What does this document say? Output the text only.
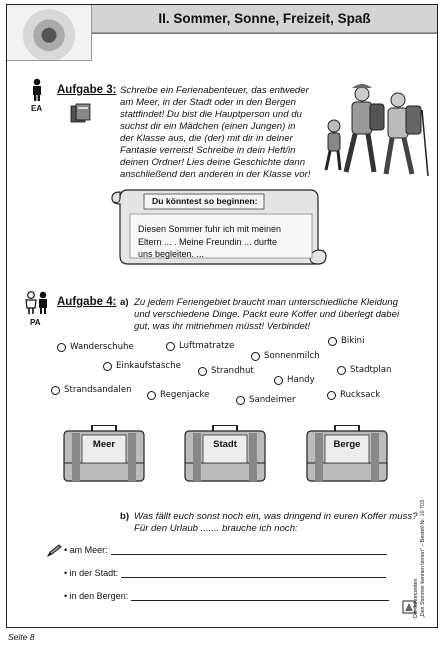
II. Sommer, Sonne, Freizeit, Spaß
EA
Aufgabe 3: Schreibe ein Ferienabenteuer, das entweder
am Meer, in der Stadt oder in den Bergen
stattfindet! Du bist die Hauptperson und du
suchst dir ein Mädchen (einen Jungen) in
der Klasse aus, die (der) mit dir in deiner
Fantasie verreist! Schreibe in dein Heft/in
deinen Ordner! Lies deine Geschichte dann
anschließend den anderen in der Klasse vor!
Du könntest so beginnen:
Diesen Sommer fuhr ich mit meinen
Eltern ... . Meine Freundin ... durfte
uns begleiten. ...
PA
Aufgabe 4: a) Zu jedem Feriengebiet braucht man unterschiedliche Kleidung
und verschiedene Dinge. Packt eure Koffer und überlegt dabei
gut, was ihr mitnehmen müsst! Verbindet!
Wanderschuhe	Luftmatratze	Bikini
Sonnenmilch
Einkaufstasche	Strandhut	Stadtplan
Handy
Strandsandalen	Regenjacke	Sandeimer	Rucksack
Meer	Stadt	Berge
b) Was fällt euch sonst noch ein, was dringend in euren Koffer muss?
Für den Urlaub ....... brauche ich noch:
• am Meer:
• in der Stadt:
• in den Bergen:	Die Jahreszeiten „Den Sommer kennen lernen" – Bestell-Nr. 10 703
Seite 8
